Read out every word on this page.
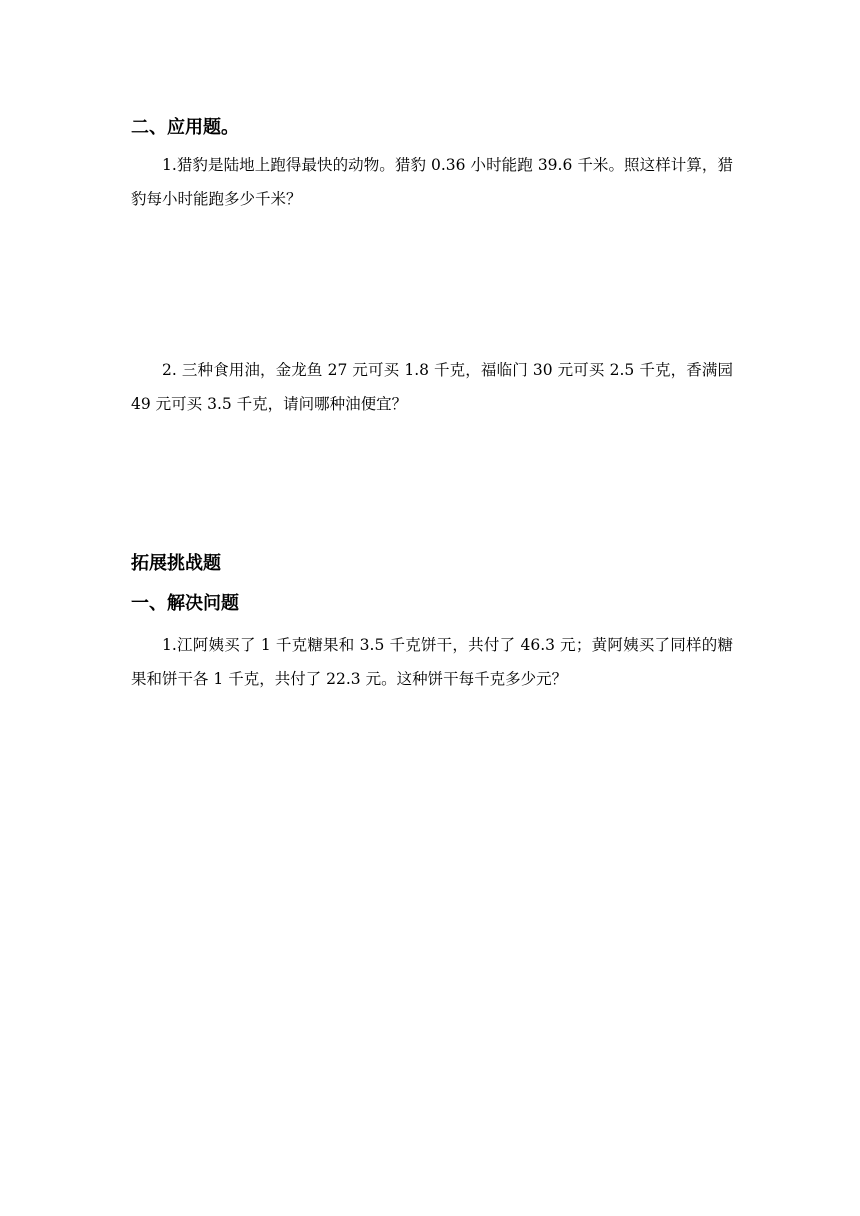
二、应用题。

1.猎豹是陆地上跑得最快的动物。猎豹 0.36 小时能跑 39.6 千米。照这样计算，猎豹每小时能跑多少千米？

2. 三种食用油，金龙鱼 27 元可买 1.8 千克，福临门 30 元可买 2.5 千克，香满园 49 元可买 3.5 千克，请问哪种油便宜？

拓展挑战题
一、解决问题

1.江阿姨买了 1 千克糖果和 3.5 千克饼干，共付了 46.3 元；黄阿姨买了同样的糖果和饼干各 1 千克，共付了 22.3 元。这种饼干每千克多少元？
